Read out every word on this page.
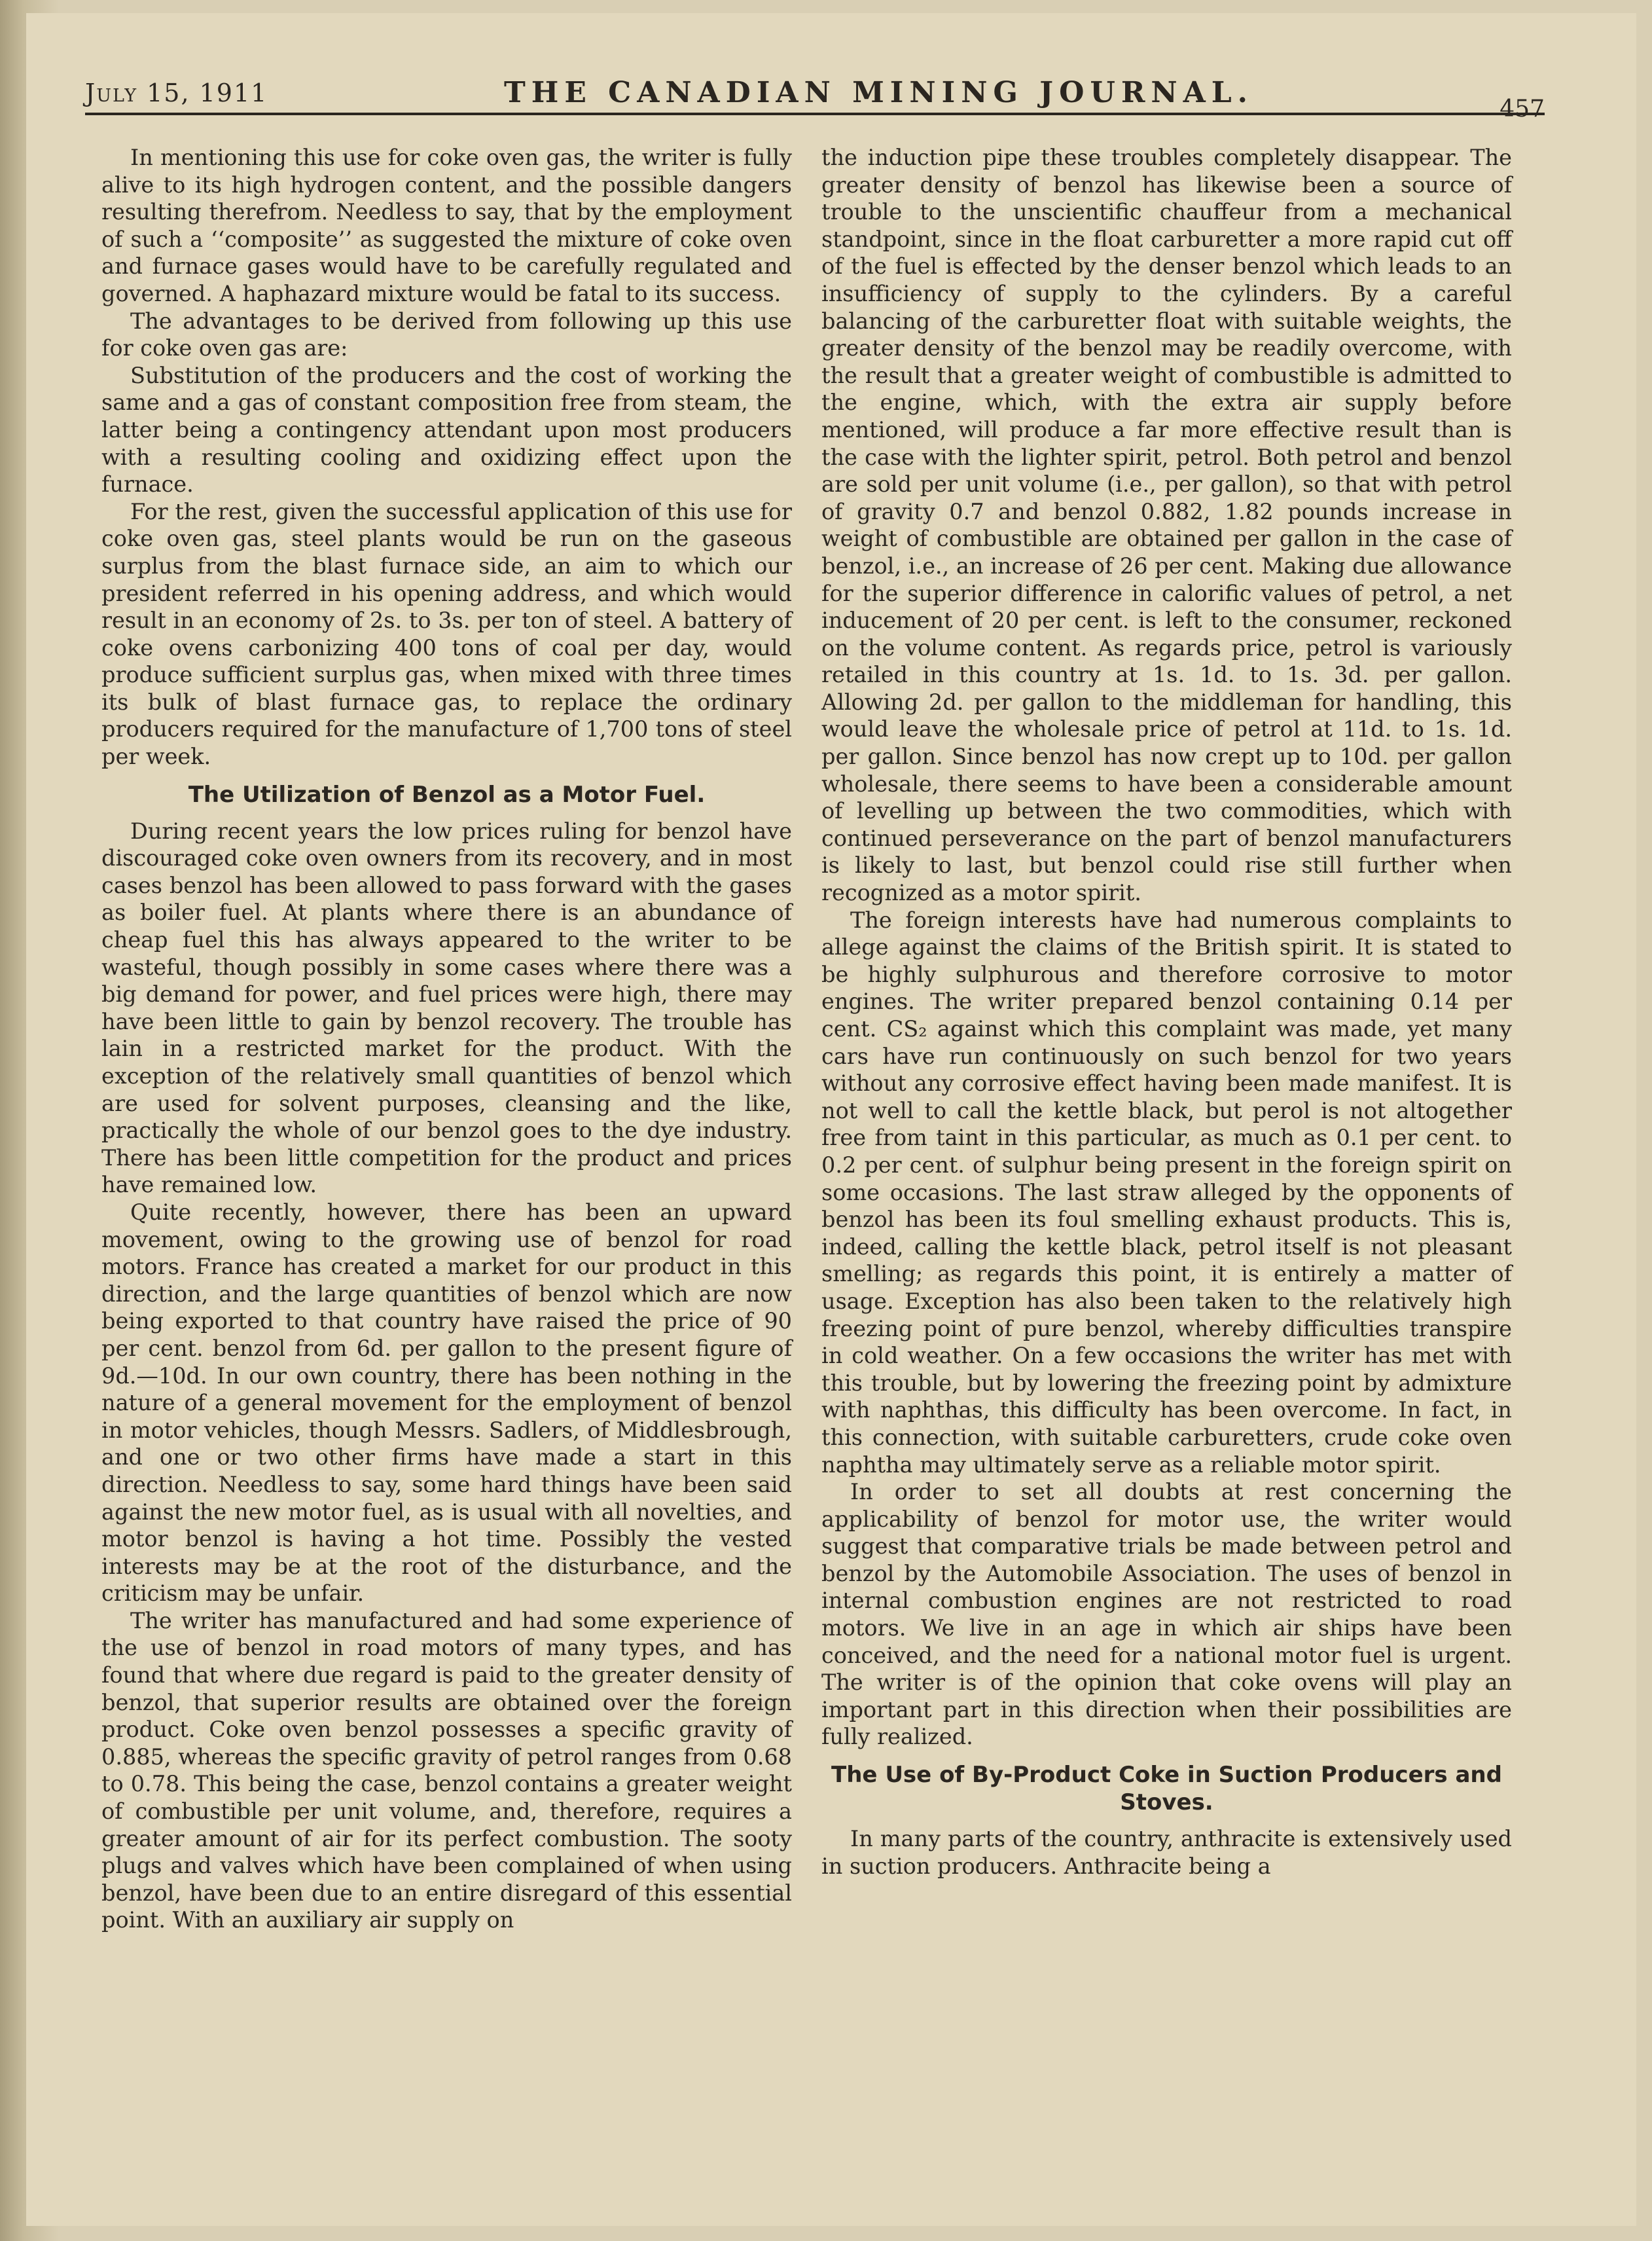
July 15, 1911	THE CANADIAN MINING JOURNAL.	457

In mentioning this use for coke oven gas, the writer is fully alive to its high hydrogen content, and the possible dangers resulting therefrom. Needless to say, that by the employment of such a ‘‘composite’’ as suggested the mixture of coke oven and furnace gases would have to be carefully regulated and governed. A haphazard mixture would be fatal to its success.

The advantages to be derived from following up this use for coke oven gas are:

Substitution of the producers and the cost of working the same and a gas of constant composition free from steam, the latter being a contingency attendant upon most producers with a resulting cooling and oxidizing effect upon the furnace.

For the rest, given the successful application of this use for coke oven gas, steel plants would be run on the gaseous surplus from the blast furnace side, an aim to which our president referred in his opening address, and which would result in an economy of 2s. to 3s. per ton of steel. A battery of coke ovens carbonizing 400 tons of coal per day, would produce sufficient surplus gas, when mixed with three times its bulk of blast furnace gas, to replace the ordinary producers required for the manufacture of 1,700 tons of steel per week.

The Utilization of Benzol as a Motor Fuel.

During recent years the low prices ruling for benzol have discouraged coke oven owners from its recovery, and in most cases benzol has been allowed to pass forward with the gases as boiler fuel. At plants where there is an abundance of cheap fuel this has always appeared to the writer to be wasteful, though possibly in some cases where there was a big demand for power, and fuel prices were high, there may have been little to gain by benzol recovery. The trouble has lain in a restricted market for the product. With the exception of the relatively small quantities of benzol which are used for solvent purposes, cleansing and the like, practically the whole of our benzol goes to the dye industry. There has been little competition for the product and prices have remained low.

Quite recently, however, there has been an upward movement, owing to the growing use of benzol for road motors. France has created a market for our product in this direction, and the large quantities of benzol which are now being exported to that country have raised the price of 90 per cent. benzol from 6d. per gallon to the present figure of 9d.—10d. In our own country, there has been nothing in the nature of a general movement for the employment of benzol in motor vehicles, though Messrs. Sadlers, of Middlesbrough, and one or two other firms have made a start in this direction. Needless to say, some hard things have been said against the new motor fuel, as is usual with all novelties, and motor benzol is having a hot time. Possibly the vested interests may be at the root of the disturbance, and the criticism may be unfair.

The writer has manufactured and had some experience of the use of benzol in road motors of many types, and has found that where due regard is paid to the greater density of benzol, that superior results are obtained over the foreign product. Coke oven benzol possesses a specific gravity of 0.885, whereas the specific gravity of petrol ranges from 0.68 to 0.78. This being the case, benzol contains a greater weight of combustible per unit volume, and, therefore, requires a greater amount of air for its perfect combustion. The sooty plugs and valves which have been complained of when using benzol, have been due to an entire disregard of this essential point. With an auxiliary air supply on

the induction pipe these troubles completely disappear. The greater density of benzol has likewise been a source of trouble to the unscientific chauffeur from a mechanical standpoint, since in the float carburetter a more rapid cut off of the fuel is effected by the denser benzol which leads to an insufficiency of supply to the cylinders. By a careful balancing of the carburetter float with suitable weights, the greater density of the benzol may be readily overcome, with the result that a greater weight of combustible is admitted to the engine, which, with the extra air supply before mentioned, will produce a far more effective result than is the case with the lighter spirit, petrol. Both petrol and benzol are sold per unit volume (i.e., per gallon), so that with petrol of gravity 0.7 and benzol 0.882, 1.82 pounds increase in weight of combustible are obtained per gallon in the case of benzol, i.e., an increase of 26 per cent. Making due allowance for the superior difference in calorific values of petrol, a net inducement of 20 per cent. is left to the consumer, reckoned on the volume content. As regards price, petrol is variously retailed in this country at 1s. 1d. to 1s. 3d. per gallon. Allowing 2d. per gallon to the middleman for handling, this would leave the wholesale price of petrol at 11d. to 1s. 1d. per gallon. Since benzol has now crept up to 10d. per gallon wholesale, there seems to have been a considerable amount of levelling up between the two commodities, which with continued perseverance on the part of benzol manufacturers is likely to last, but benzol could rise still further when recognized as a motor spirit.

The foreign interests have had numerous complaints to allege against the claims of the British spirit. It is stated to be highly sulphurous and therefore corrosive to motor engines. The writer prepared benzol containing 0.14 per cent. CS₂ against which this complaint was made, yet many cars have run continuously on such benzol for two years without any corrosive effect having been made manifest. It is not well to call the kettle black, but perol is not altogether free from taint in this particular, as much as 0.1 per cent. to 0.2 per cent. of sulphur being present in the foreign spirit on some occasions. The last straw alleged by the opponents of benzol has been its foul smelling exhaust products. This is, indeed, calling the kettle black, petrol itself is not pleasant smelling; as regards this point, it is entirely a matter of usage. Exception has also been taken to the relatively high freezing point of pure benzol, whereby difficulties transpire in cold weather. On a few occasions the writer has met with this trouble, but by lowering the freezing point by admixture with naphthas, this difficulty has been overcome. In fact, in this connection, with suitable carburetters, crude coke oven naphtha may ultimately serve as a reliable motor spirit.

In order to set all doubts at rest concerning the applicability of benzol for motor use, the writer would suggest that comparative trials be made between petrol and benzol by the Automobile Association. The uses of benzol in internal combustion engines are not restricted to road motors. We live in an age in which air ships have been conceived, and the need for a national motor fuel is urgent. The writer is of the opinion that coke ovens will play an important part in this direction when their possibilities are fully realized.

The Use of By-Product Coke in Suction Producers and Stoves.

In many parts of the country, anthracite is extensively used in suction producers. Anthracite being a
